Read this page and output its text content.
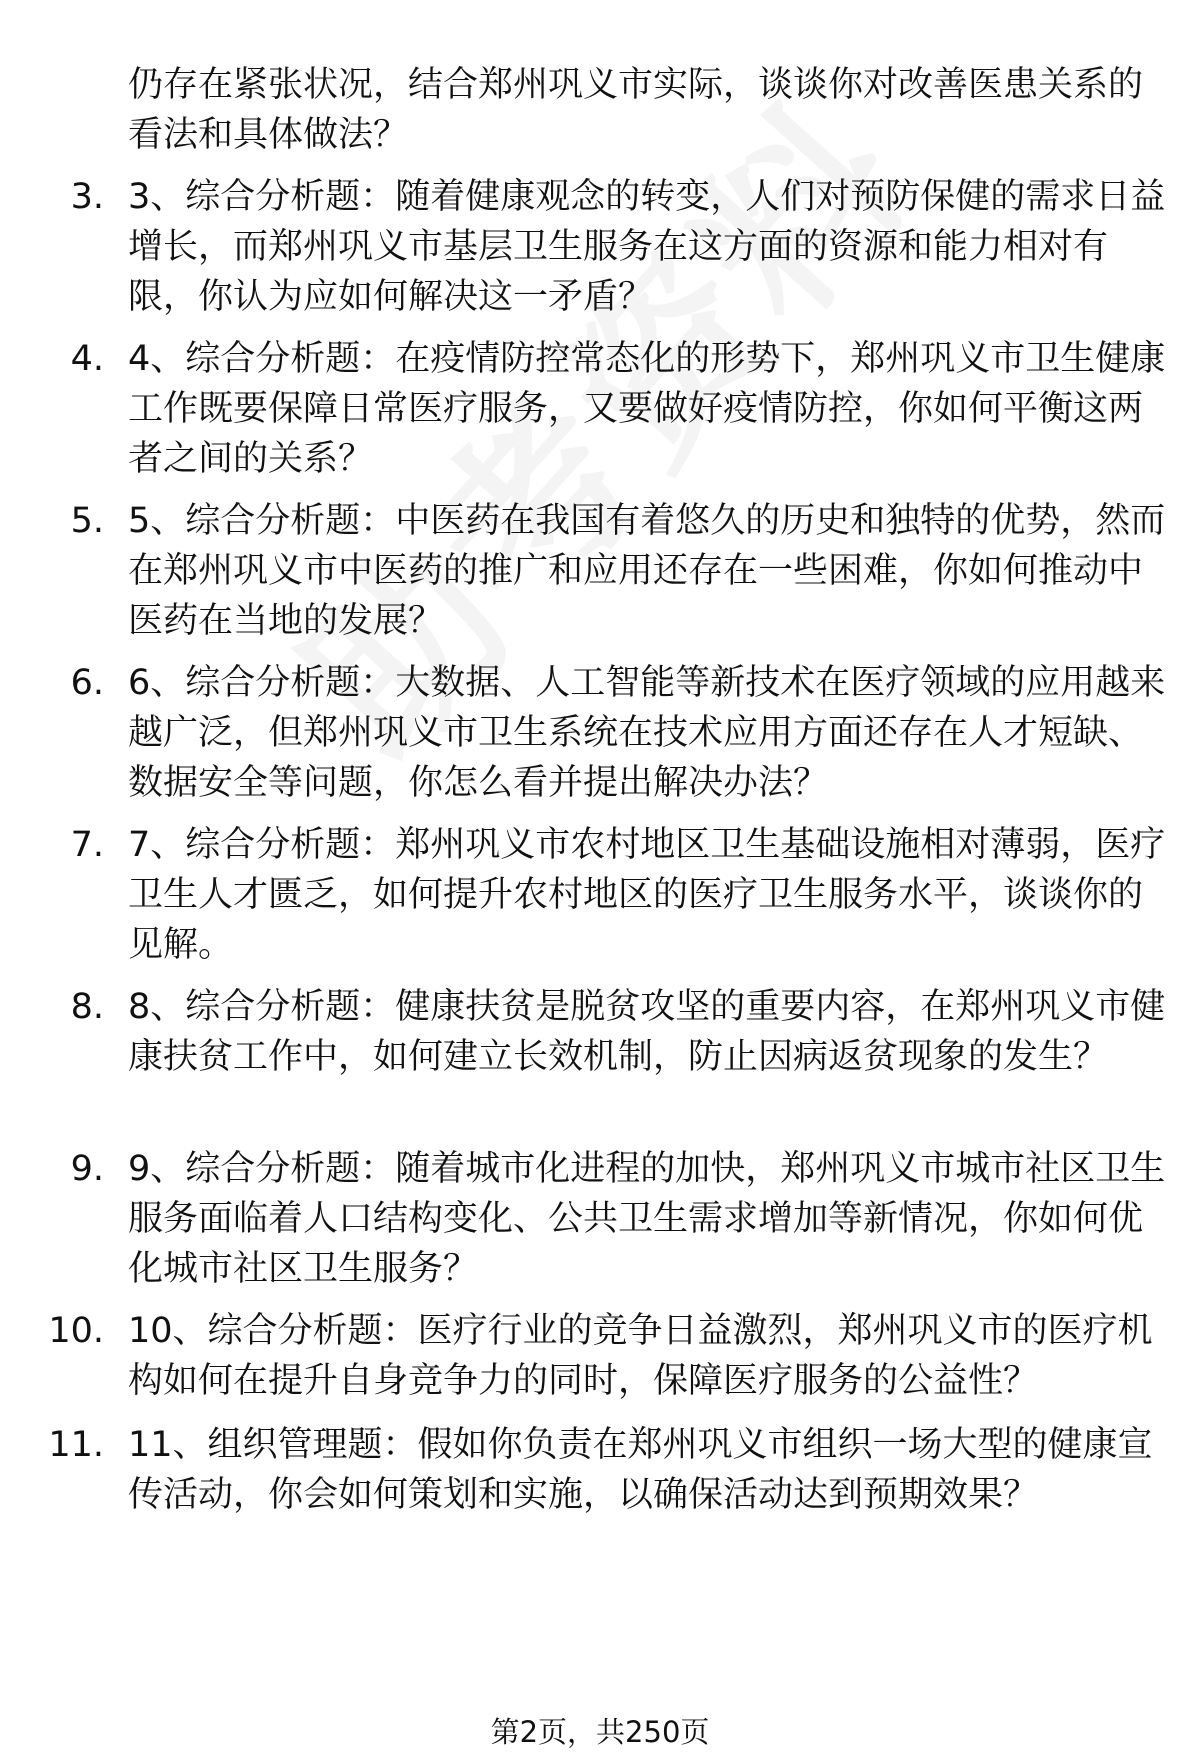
仍存在紧张状况，结合郑州巩义市实际，谈谈你对改善医患关系的看法和具体做法？

3. 3、综合分析题：随着健康观念的转变，人们对预防保健的需求日益增长，而郑州巩义市基层卫生服务在这方面的资源和能力相对有限，你认为应如何解决这一矛盾？

4. 4、综合分析题：在疫情防控常态化的形势下，郑州巩义市卫生健康工作既要保障日常医疗服务，又要做好疫情防控，你如何平衡这两者之间的关系？

5. 5、综合分析题：中医药在我国有着悠久的历史和独特的优势，然而在郑州巩义市中医药的推广和应用还存在一些困难，你如何推动中医药在当地的发展？

6. 6、综合分析题：大数据、人工智能等新技术在医疗领域的应用越来越广泛，但郑州巩义市卫生系统在技术应用方面还存在人才短缺、数据安全等问题，你怎么看并提出解决办法？

7. 7、综合分析题：郑州巩义市农村地区卫生基础设施相对薄弱，医疗卫生人才匮乏，如何提升农村地区的医疗卫生服务水平，谈谈你的见解。

8. 8、综合分析题：健康扶贫是脱贫攻坚的重要内容，在郑州巩义市健康扶贫工作中，如何建立长效机制，防止因病返贫现象的发生？

9. 9、综合分析题：随着城市化进程的加快，郑州巩义市城市社区卫生服务面临着人口结构变化、公共卫生需求增加等新情况，你如何优化城市社区卫生服务？

10. 10、综合分析题：医疗行业的竞争日益激烈，郑州巩义市的医疗机构如何在提升自身竞争力的同时，保障医疗服务的公益性？

11. 11、组织管理题：假如你负责在郑州巩义市组织一场大型的健康宣传活动，你会如何策划和实施，以确保活动达到预期效果？

第2页，共250页
